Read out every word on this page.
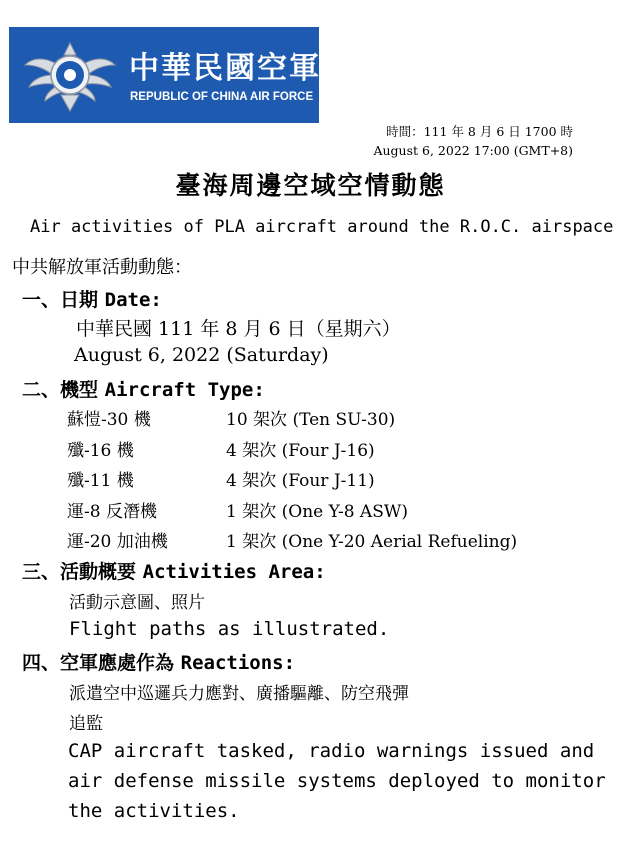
中華民國空軍
REPUBLIC OF CHINA AIR FORCE
時間：111 年 8 月 6 日 1700 時
August 6, 2022 17:00 (GMT+8)
臺海周邊空域空情動態
Air activities of PLA aircraft around the R.O.C. airspace
中共解放軍活動動態：
一、日期 Date:
中華民國 111 年 8 月 6 日（星期六）
August 6, 2022 (Saturday)
二、機型 Aircraft Type:
蘇愷-30 機	10 架次 (Ten SU-30)
殲-16 機	4 架次 (Four J-16)
殲-11 機	4 架次 (Four J-11)
運-8 反潛機	1 架次 (One Y-8 ASW)
運-20 加油機	1 架次 (One Y-20 Aerial Refueling)
三、活動概要 Activities Area:
活動示意圖、照片
Flight paths as illustrated.
四、空軍應處作為 Reactions:
派遣空中巡邏兵力應對、廣播驅離、防空飛彈
追監
CAP aircraft tasked, radio warnings issued and air defense missile systems deployed to monitor the activities.
